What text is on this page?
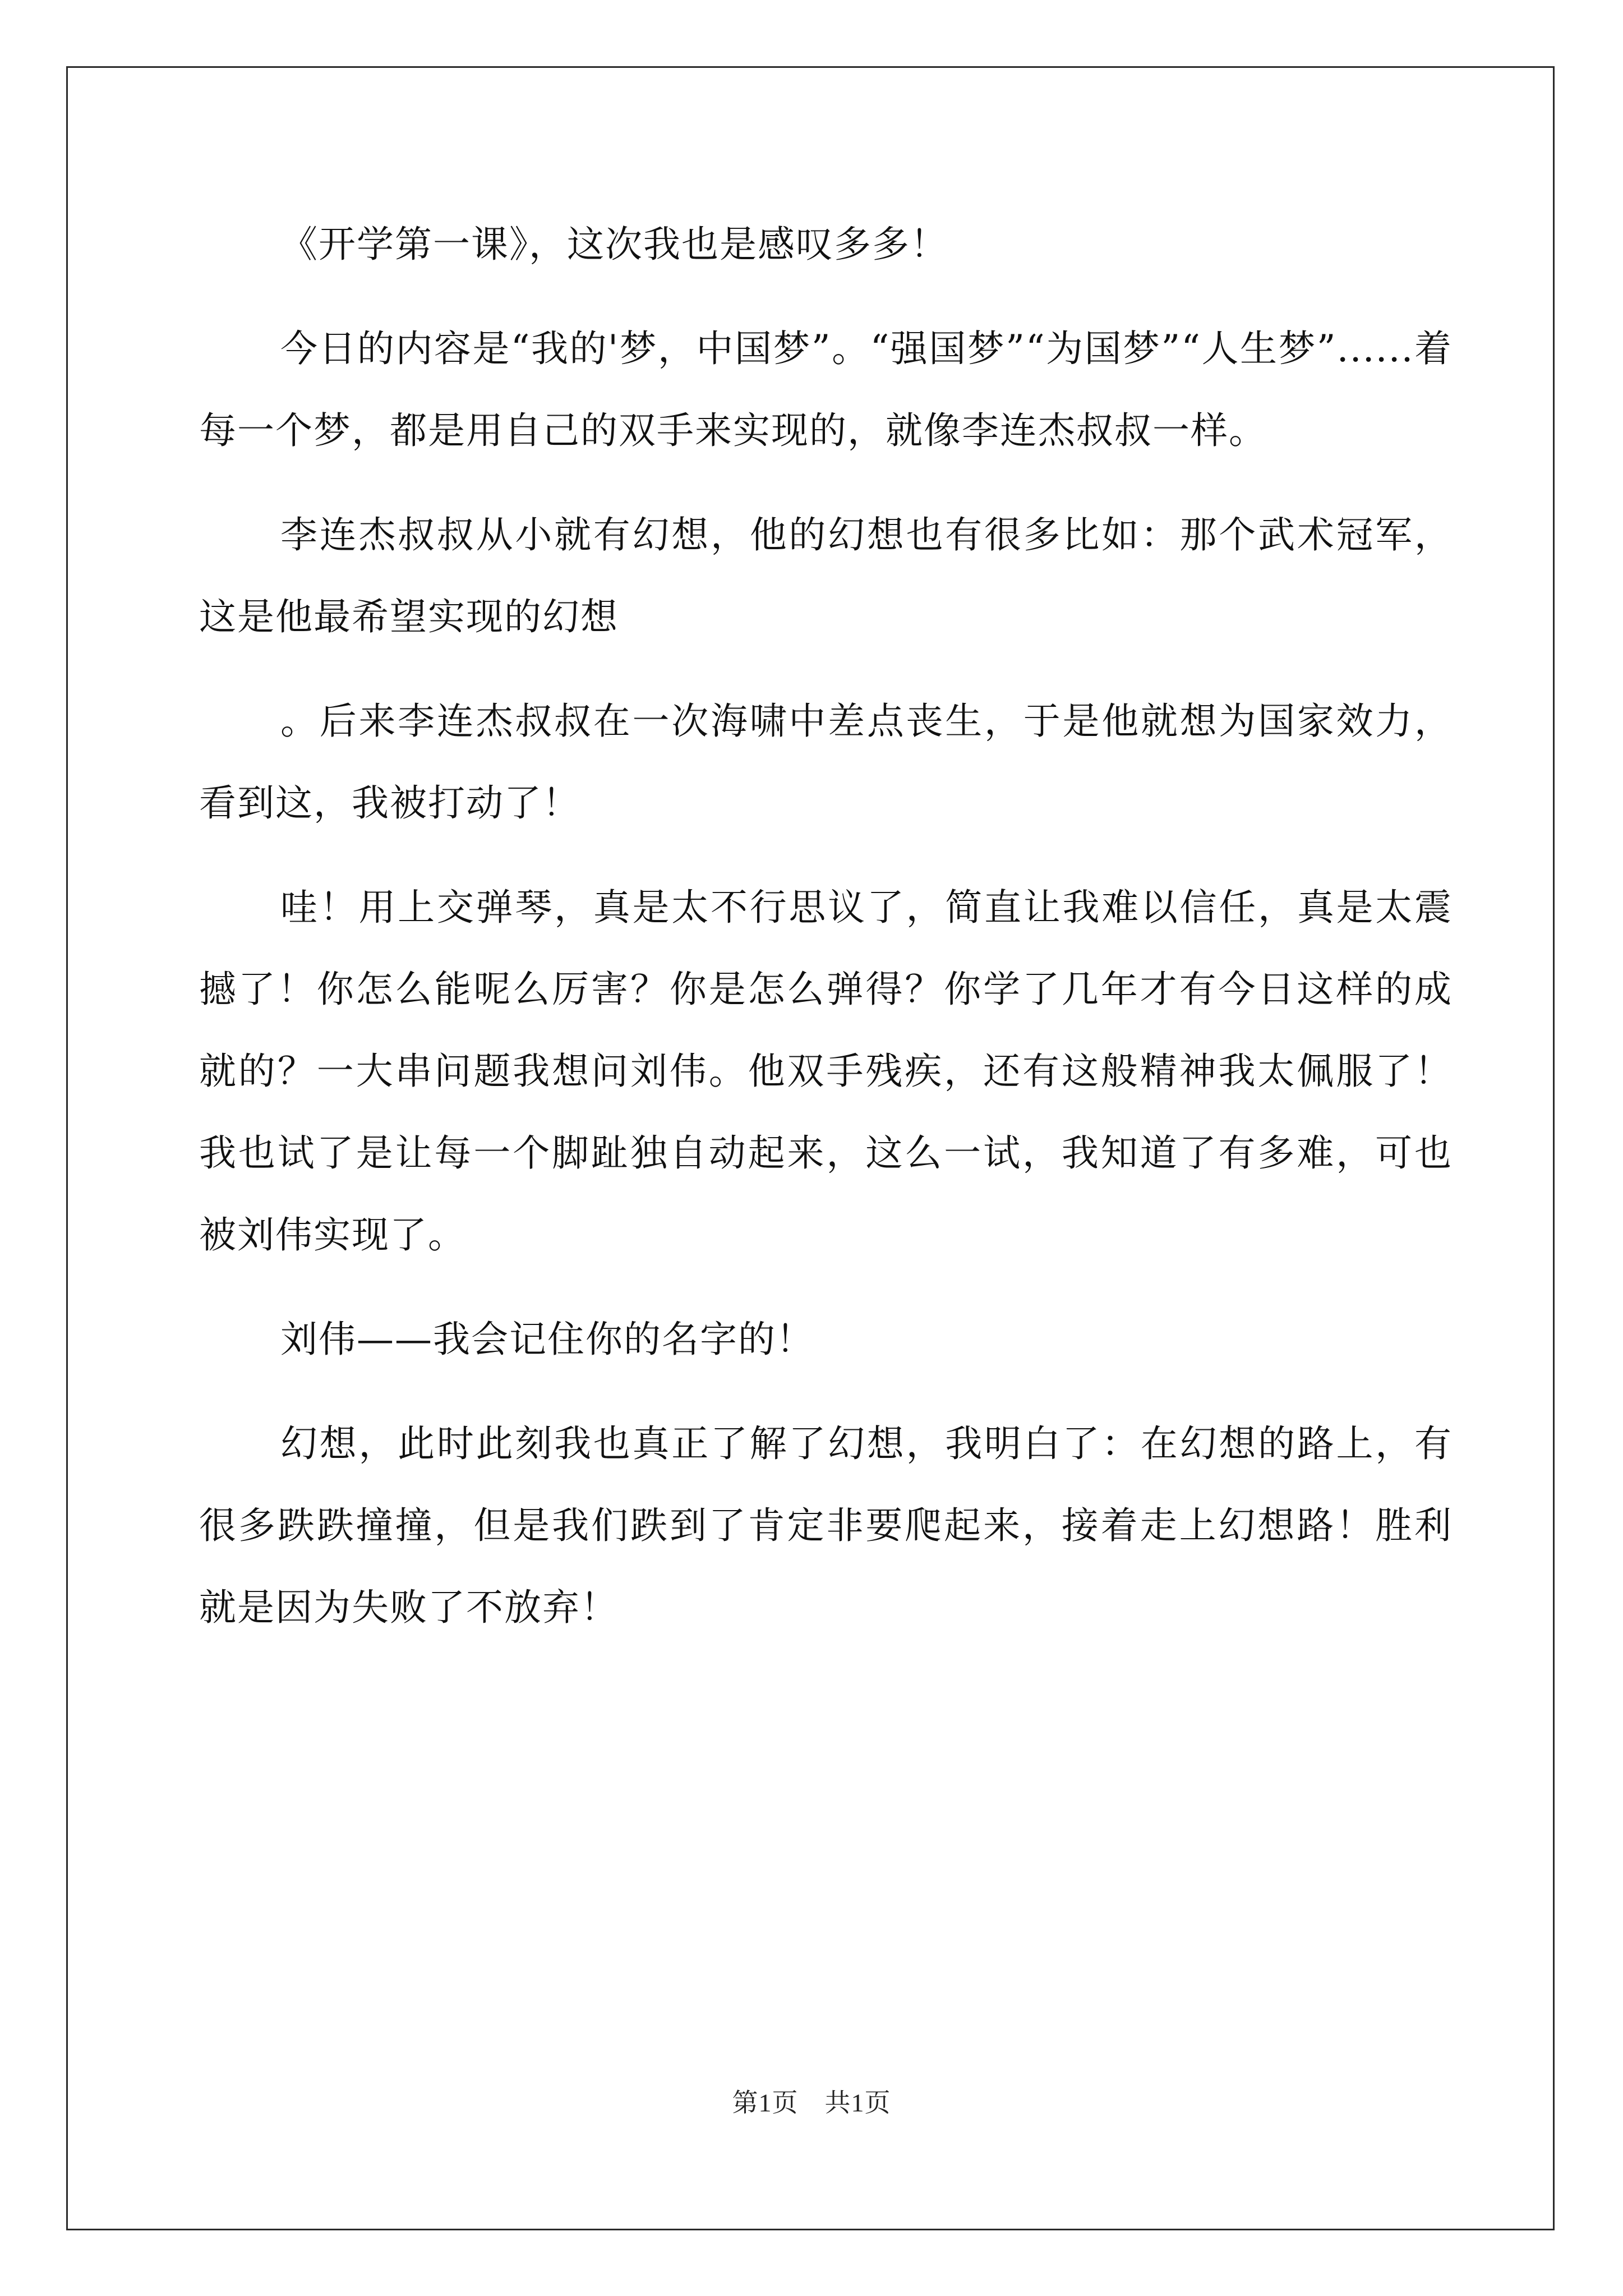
《开学第一课》，这次我也是感叹多多！

今日的内容是“我的'梦，中国梦”。“强国梦”“为国梦”“人生梦”......着每一个梦，都是用自己的双手来实现的，就像李连杰叔叔一样。

李连杰叔叔从小就有幻想，他的幻想也有很多比如：那个武术冠军，这是他最希望实现的幻想

。后来李连杰叔叔在一次海啸中差点丧生，于是他就想为国家效力，看到这，我被打动了！

哇！用上交弹琴，真是太不行思议了，简直让我难以信任，真是太震撼了！你怎么能呢么厉害？你是怎么弹得？你学了几年才有今日这样的成就的？一大串问题我想问刘伟。他双手残疾，还有这般精神我太佩服了！我也试了是让每一个脚趾独自动起来，这么一试，我知道了有多难，可也被刘伟实现了。

刘伟——我会记住你的名字的！

幻想，此时此刻我也真正了解了幻想，我明白了：在幻想的路上，有很多跌跌撞撞，但是我们跌到了肯定非要爬起来，接着走上幻想路！胜利就是因为失败了不放弃！

第1页　共1页
